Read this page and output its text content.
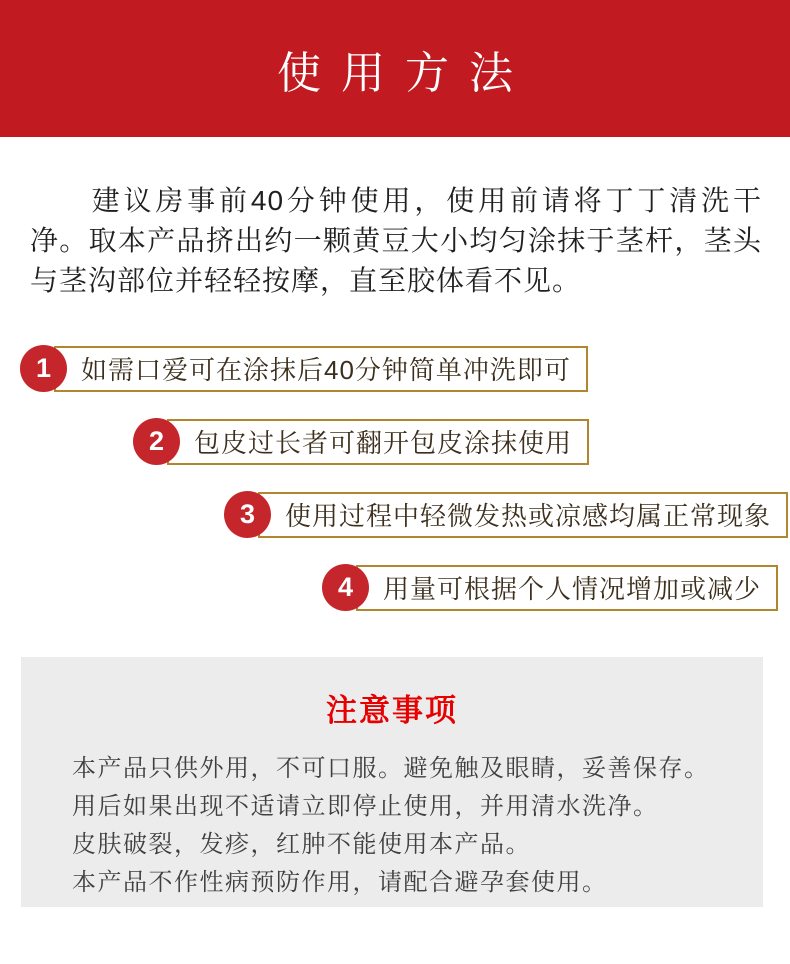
使用方法

建议房事前40分钟使用，使用前请将丁丁清洗干净。取本产品挤出约一颗黄豆大小均匀涂抹于茎杆，茎头与茎沟部位并轻轻按摩，直至胶体看不见。

1	如需口爱可在涂抹后40分钟简单冲洗即可
2	包皮过长者可翻开包皮涂抹使用
3	使用过程中轻微发热或凉感均属正常现象
4	用量可根据个人情况增加或减少
注意事项
本产品只供外用，不可口服。避免触及眼睛，妥善保存。
用后如果出现不适请立即停止使用，并用清水洗净。
皮肤破裂，发疹，红肿不能使用本产品。
本产品不作性病预防作用，请配合避孕套使用。
